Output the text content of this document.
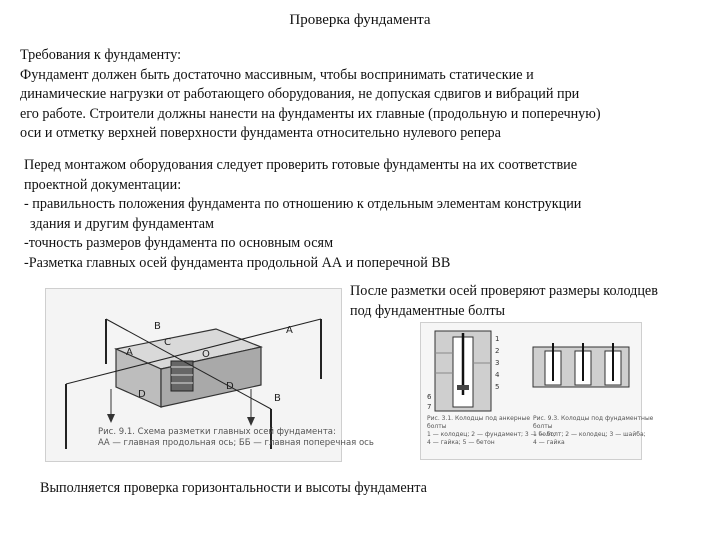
Проверка фундамента
Требования к фундаменту:
Фундамент должен быть достаточно массивным, чтобы воспринимать статические и
динамические нагрузки от работающего оборудования, не допуская сдвигов и вибраций при
его работе. Строители должны нанести на фундаменты их главные (продольную и поперечную)
оси и отметку верхней поверхности фундамента относительно нулевого репера
Перед монтажом оборудования следует проверить готовые фундаменты на их соответствие
проектной документации:
- правильность положения фундамента по отношению к отдельным элементам конструкции
здания и другим фундаментам
-точность размеров фундамента по основным осям
-Разметка главных осей фундамента продольной АА и поперечной ВВ
После разметки осей проверяют размеры колодцев
под фундаментные болты
B
A
C
O
A
D
B
D
Рис. 9.1. Схема разметки главных осей фундамента:
АА — главная продольная ось; ББ — главная поперечная ось
1
2
3
4
5
6
7
Рис. 3.1. Колодцы под анкерные
болты
1 — колодец; 2 — фундамент; 3 — болт;
4 — гайка; 5 — бетон
Рис. 9.3. Колодцы под фундаментные
болты
1 — болт; 2 — колодец; 3 — шайба;
4 — гайка
Выполняется проверка горизонтальности и высоты фундамента
